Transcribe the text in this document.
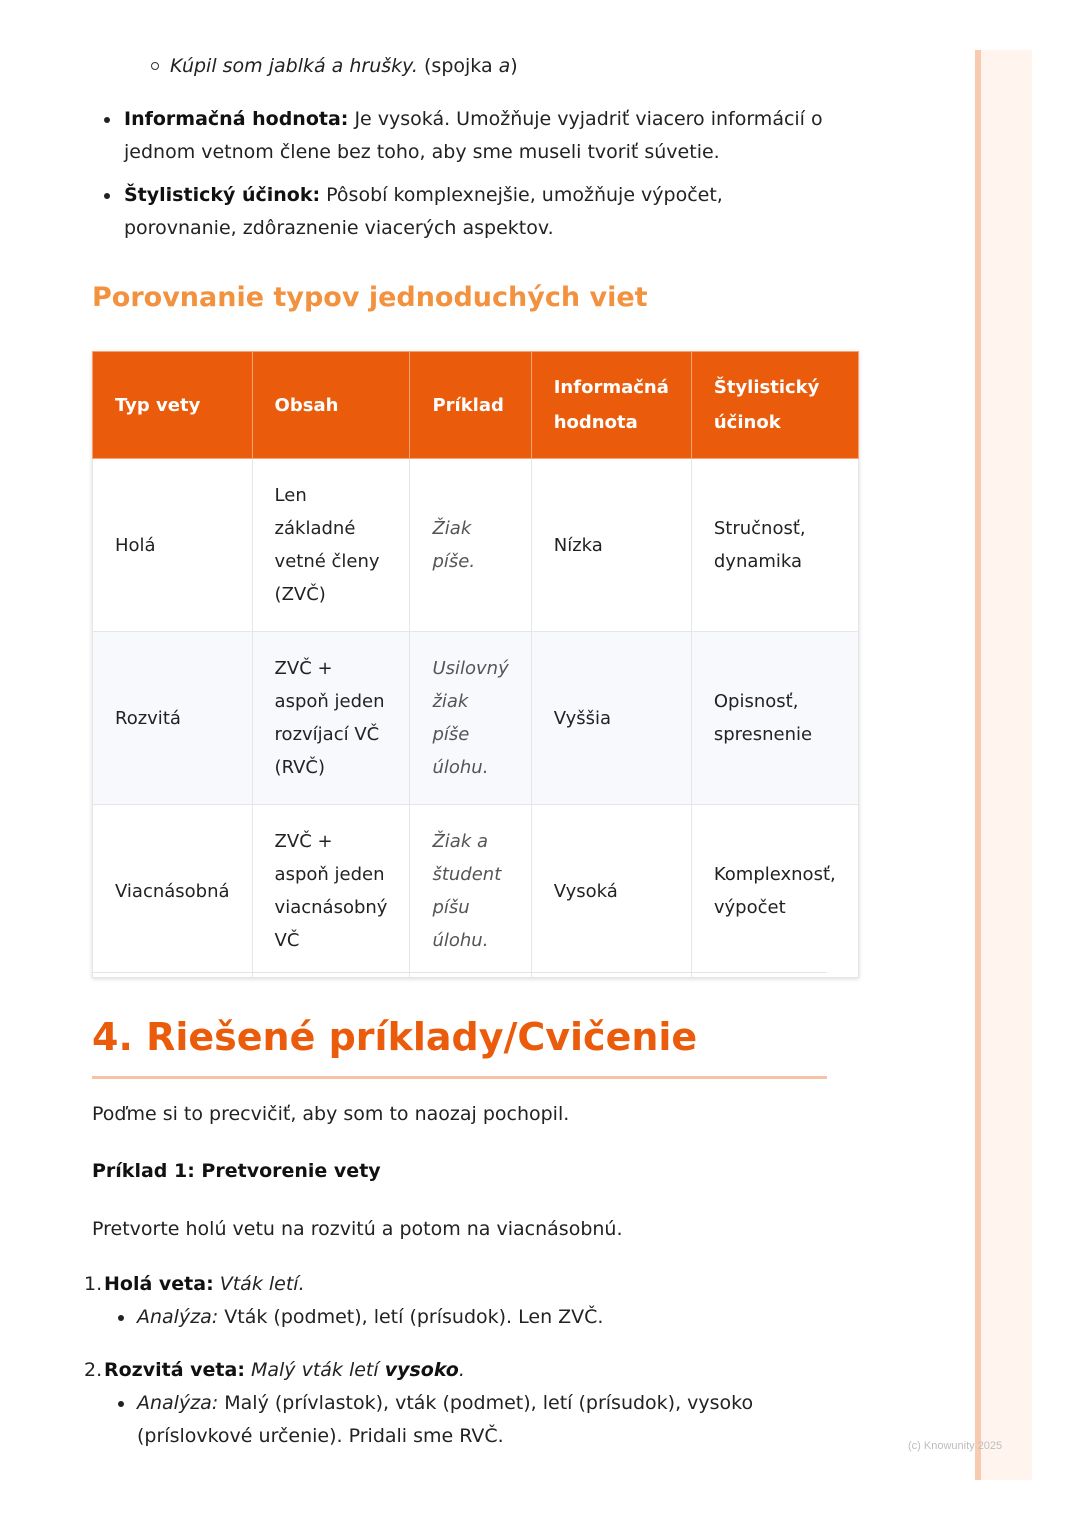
Kúpil som jablká a hrušky. (spojka a)
Informačná hodnota: Je vysoká. Umožňuje vyjadriť viacero informácií o jednom vetnom člene bez toho, aby sme museli tvoriť súvetie.
Štylistický účinok: Pôsobí komplexnejšie, umožňuje výpočet, porovnanie, zdôraznenie viacerých aspektov.
Porovnanie typov jednoduchých viet
Typ vety	Obsah	Príklad	Informačná hodnota	Štylistický účinok
Holá	Len základné vetné členy (ZVČ)	Žiak píše.	Nízka	Stručnosť, dynamika
Rozvitá	ZVČ + aspoň jeden rozvíjací VČ (RVČ)	Usilovný žiak píše úlohu.	Vyššia	Opisnosť, spresnenie
Viacnásobná	ZVČ + aspoň jeden viacnásobný VČ	Žiak a študent píšu úlohu.	Vysoká	Komplexnosť, výpočet
4. Riešené príklady/Cvičenie

Poďme si to precvičiť, aby som to naozaj pochopil.

Príklad 1: Pretvorenie vety

Pretvorte holú vetu na rozvitú a potom na viacnásobnú.

1. Holá veta: Vták letí.
Analýza: Vták (podmet), letí (prísudok). Len ZVČ.
2. Rozvitá veta: Malý vták letí vysoko.
Analýza: Malý (prívlastok), vták (podmet), letí (prísudok), vysoko (príslovkové určenie). Pridali sme RVČ.	(c) Knowunity 2025
